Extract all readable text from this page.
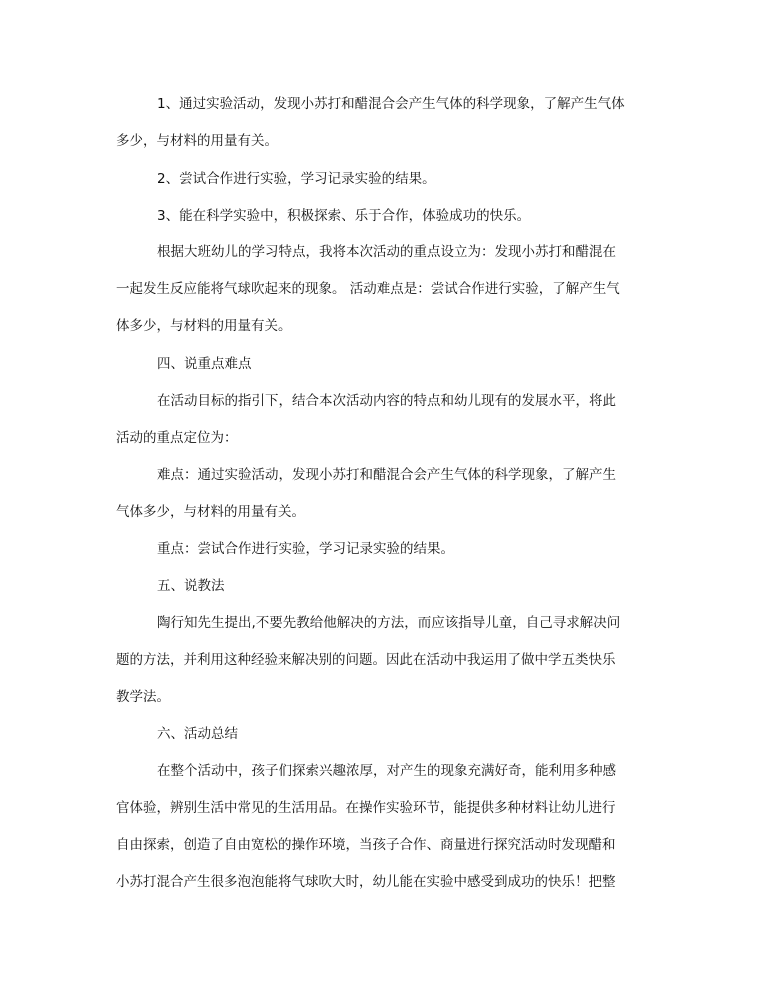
1、通过实验活动，发现小苏打和醋混合会产生气体的科学现象，了解产生气体
多少，与材料的用量有关。
2、尝试合作进行实验，学习记录实验的结果。
3、能在科学实验中，积极探索、乐于合作，体验成功的快乐。
根据大班幼儿的学习特点，我将本次活动的重点设立为：发现小苏打和醋混在
一起发生反应能将气球吹起来的现象。 活动难点是：尝试合作进行实验，了解产生气
体多少，与材料的用量有关。
四、说重点难点
在活动目标的指引下，结合本次活动内容的特点和幼儿现有的发展水平，将此
活动的重点定位为：
难点：通过实验活动，发现小苏打和醋混合会产生气体的科学现象，了解产生
气体多少，与材料的用量有关。
重点：尝试合作进行实验，学习记录实验的结果。
五、说教法
陶行知先生提出,不要先教给他解决的方法，而应该指导儿童，自己寻求解决问
题的方法，并利用这种经验来解决别的问题。因此在活动中我运用了做中学五类快乐
教学法。
六、活动总结
在整个活动中，孩子们探索兴趣浓厚，对产生的现象充满好奇，能利用多种感
官体验，辨别生活中常见的生活用品。在操作实验环节，能提供多种材料让幼儿进行
自由探索，创造了自由宽松的操作环境，当孩子合作、商量进行探究活动时发现醋和
小苏打混合产生很多泡泡能将气球吹大时，幼儿能在实验中感受到成功的快乐！把整
